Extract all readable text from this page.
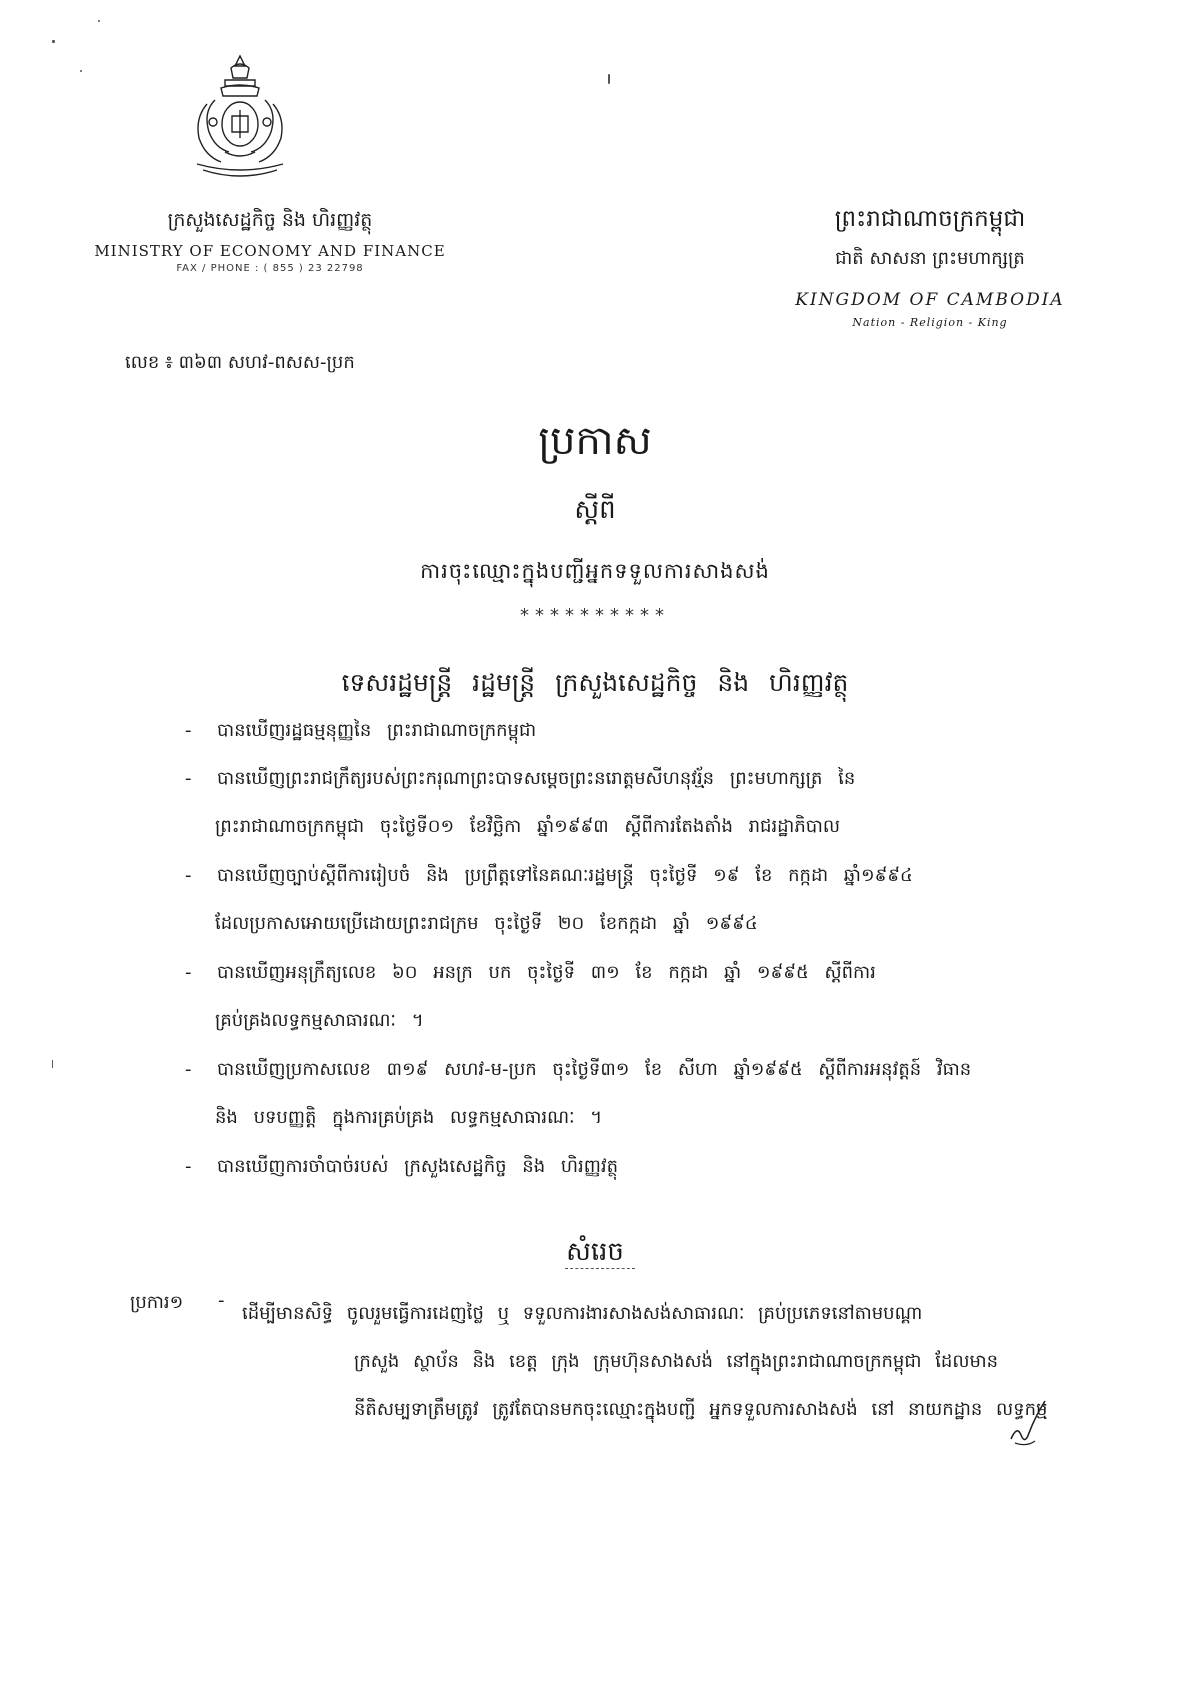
ក្រសួងសេដ្ឋកិច្ច និង ហិរញ្ញវត្ថុ
MINISTRY OF ECONOMY AND FINANCE
FAX / PHONE : ( 855 ) 23 22798
ព្រះរាជាណាចក្រកម្ពុជា
ជាតិ សាសនា ព្រះមហាក្សត្រ
KINGDOM OF CAMBODIA
Nation - Religion - King
លេខ ៖ ៣៦៣ សហវ-ពសស-ប្រក
ប្រកាស
ស្តីពី
ការចុះឈ្មោះក្នុងបញ្ជីអ្នកទទួលការសាងសង់
**********
ទេសរដ្ឋមន្ត្រី រដ្ឋមន្ត្រី ក្រសួងសេដ្ឋកិច្ច និង ហិរញ្ញវត្ថុ
- បានឃើញរដ្ឋធម្មនុញ្ញនៃ ព្រះរាជាណាចក្រកម្ពុជា
- បានឃើញព្រះរាជក្រឹត្យរបស់ព្រះករុណាព្រះបាទសម្តេចព្រះនរោត្តមសីហនុវរ្ម័ន ព្រះមហាក្សត្រ នៃ
ព្រះរាជាណាចក្រកម្ពុជា ចុះថ្ងៃទី០១ ខែវិច្ឆិកា ឆ្នាំ១៩៩៣ ស្តីពីការតែងតាំង រាជរដ្ឋាភិបាល
- បានឃើញច្បាប់ស្តីពីការរៀបចំ និង ប្រព្រឹត្តទៅនៃគណៈរដ្ឋមន្ត្រី ចុះថ្ងៃទី ១៩ ខែ កក្កដា ឆ្នាំ១៩៩៤
ដែលប្រកាសអោយប្រើដោយព្រះរាជក្រម ចុះថ្ងៃទី ២០ ខែកក្កដា ឆ្នាំ ១៩៩៤
- បានឃើញអនុក្រឹត្យលេខ ៦០ អនក្រ បក ចុះថ្ងៃទី ៣១ ខែ កក្កដា ឆ្នាំ ១៩៩៥ ស្តីពីការ
គ្រប់គ្រងលទ្ធកម្មសាធារណៈ ។
- បានឃើញប្រកាសលេខ ៣១៩ សហវ-ម-ប្រក ចុះថ្ងៃទី៣១ ខែ សីហា ឆ្នាំ១៩៩៥ ស្តីពីការអនុវត្តន៍ វិធាន
និង បទបញ្ញត្តិ ក្នុងការគ្រប់គ្រង លទ្ធកម្មសាធារណៈ ។
- បានឃើញការចាំបាច់របស់ ក្រសួងសេដ្ឋកិច្ច និង ហិរញ្ញវត្ថុ
សំរេច
ប្រការ១ -
ដើម្បីមានសិទ្ធិ ចូលរួមធ្វើការដេញថ្លៃ ឬ ទទួលការងារសាងសង់សាធារណៈ គ្រប់ប្រភេទនៅតាមបណ្តា
ក្រសួង ស្ថាប័ន និង ខេត្ត ក្រុង ក្រុមហ៊ុនសាងសង់ នៅក្នុងព្រះរាជាណាចក្រកម្ពុជា ដែលមាន
នីតិសម្បទាត្រឹមត្រូវ ត្រូវតែបានមកចុះឈ្មោះក្នុងបញ្ជី អ្នកទទួលការសាងសង់ នៅ នាយកដ្ឋាន លទ្ធកម្ម
